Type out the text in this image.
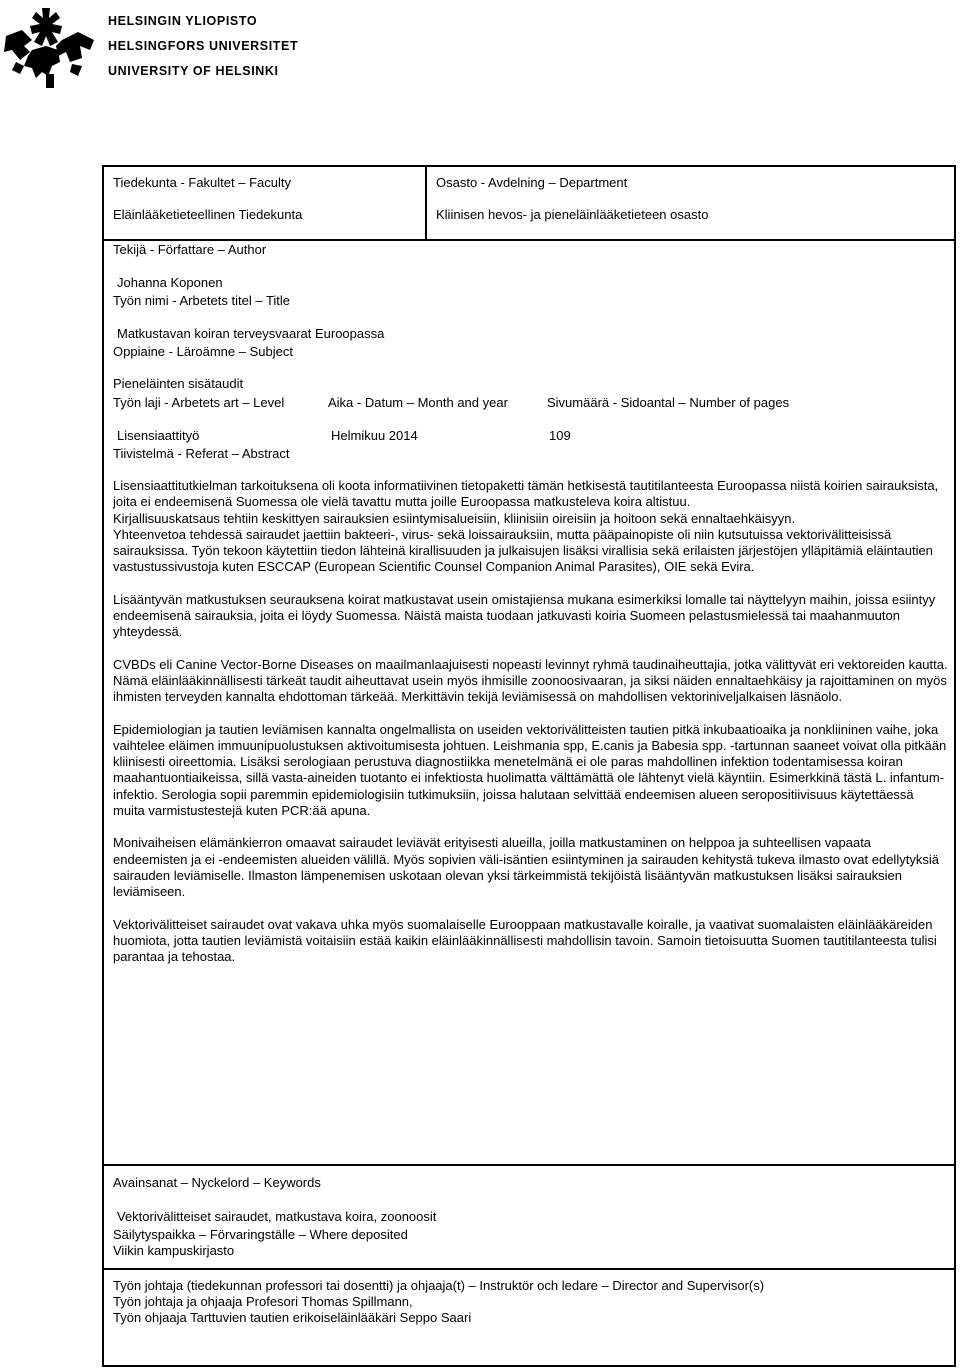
HELSINGIN YLIOPISTO
HELSINGFORS UNIVERSITET
UNIVERSITY OF HELSINKI
Tiedekunta - Fakultet – Faculty
Eläinlääketieteellinen Tiedekunta
Osasto - Avdelning – Department
Kliinisen hevos- ja pieneläinlääketieteen osasto
Tekijä - Författare – Author
Johanna Koponen
Työn nimi - Arbetets titel – Title
Matkustavan koiran terveysvaarat Euroopassa
Oppiaine - Läroämne – Subject
Pieneläinten sisätaudit
Työn laji - Arbetets art – Level	Aika - Datum – Month and year	Sivumäärä - Sidoantal – Number of pages
Lisensiaattityö	Helmikuu 2014	109
Tiivistelmä - Referat – Abstract

Lisensiaattitutkielman tarkoituksena oli koota informatiivinen tietopaketti tämän hetkisestä tautitilanteesta Euroopassa niistä koirien sairauksista, joita ei endeemisenä Suomessa ole vielä tavattu mutta joille Euroopassa matkusteleva koira altistuu.

Kirjallisuuskatsaus tehtiin keskittyen sairauksien esiintymisalueisiin, kliinisiin oireisiin ja hoitoon sekä ennaltaehkäisyyn.

Yhteenvetoa tehdessä sairaudet jaettiin bakteeri-, virus- sekä loissairauksiin, mutta pääpainopiste oli niin kutsutuissa vektorivälitteisissä sairauksissa. Työn tekoon käytettiin tiedon lähteinä kirallisuuden ja julkaisujen lisäksi virallisia sekä erilaisten järjestöjen ylläpitämiä eläintautien vastustussivustoja kuten ESCCAP (European Scientific Counsel Companion Animal Parasites), OIE sekä Evira.

Lisääntyvän matkustuksen seurauksena koirat matkustavat usein omistajiensa mukana esimerkiksi lomalle tai näyttelyyn maihin, joissa esiintyy endeemisenä sairauksia, joita ei löydy Suomessa. Näistä maista tuodaan jatkuvasti koiria Suomeen pelastusmielessä tai maahanmuuton yhteydessä.

CVBDs eli Canine Vector-Borne Diseases on maailmanlaajuisesti nopeasti levinnyt ryhmä taudinaiheuttajia, jotka välittyvät eri vektoreiden kautta. Nämä eläinlääkinnällisesti tärkeät taudit aiheuttavat usein myös ihmisille zoonoosivaaran, ja siksi näiden ennaltaehkäisy ja rajoittaminen on myös ihmisten terveyden kannalta ehdottoman tärkeää. Merkittävin tekijä leviämisessä on mahdollisen vektoriniveljalkaisen läsnäolo.

Epidemiologian ja tautien leviämisen kannalta ongelmallista on useiden vektorivälitteisten tautien pitkä inkubaatioaika ja nonkliininen vaihe, joka vaihtelee eläimen immuunipuolustuksen aktivoitumisesta johtuen. Leishmania spp, E.canis ja Babesia spp. -tartunnan saaneet voivat olla pitkään kliinisesti oireettomia. Lisäksi serologiaan perustuva diagnostiikka menetelmänä ei ole paras mahdollinen infektion todentamisessa koiran maahantuontiaikeissa, sillä vasta-aineiden tuotanto ei infektiosta huolimatta välttämättä ole lähtenyt vielä käyntiin. Esimerkkinä tästä L. infantum-infektio. Serologia sopii paremmin epidemiologisiin tutkimuksiin, joissa halutaan selvittää endeemisen alueen seropositiivisuus käytettäessä muita varmistustestejä kuten PCR:ää apuna.

Monivaiheisen elämänkierron omaavat sairaudet leviävät erityisesti alueilla, joilla matkustaminen on helppoa ja suhteellisen vapaata endeemisten ja ei -endeemisten alueiden välillä. Myös sopivien väli-isäntien esiintyminen ja sairauden kehitystä tukeva ilmasto ovat edellytyksiä sairauden leviämiselle. Ilmaston lämpenemisen uskotaan olevan yksi tärkeimmistä tekijöistä lisääntyvän matkustuksen lisäksi sairauksien leviämiseen.

Vektorivälitteiset sairaudet ovat vakava uhka myös suomalaiselle Eurooppaan matkustavalle koiralle, ja vaativat suomalaisten eläinlääkäreiden huomiota, jotta tautien leviämistä voitaisiin estää kaikin eläinlääkinnällisesti mahdollisin tavoin. Samoin tietoisuutta Suomen tautitilanteesta tulisi parantaa ja tehostaa.

Avainsanat – Nyckelord – Keywords
Vektorivälitteiset sairaudet, matkustava koira, zoonoosit
Säilytyspaikka – Förvaringställe – Where deposited
Viikin kampuskirjasto
Työn johtaja (tiedekunnan professori tai dosentti) ja ohjaaja(t) – Instruktör och ledare – Director and Supervisor(s)
Työn johtaja ja ohjaaja Profesori Thomas Spillmann,
Työn ohjaaja Tarttuvien tautien erikoiseläinlääkäri Seppo Saari
